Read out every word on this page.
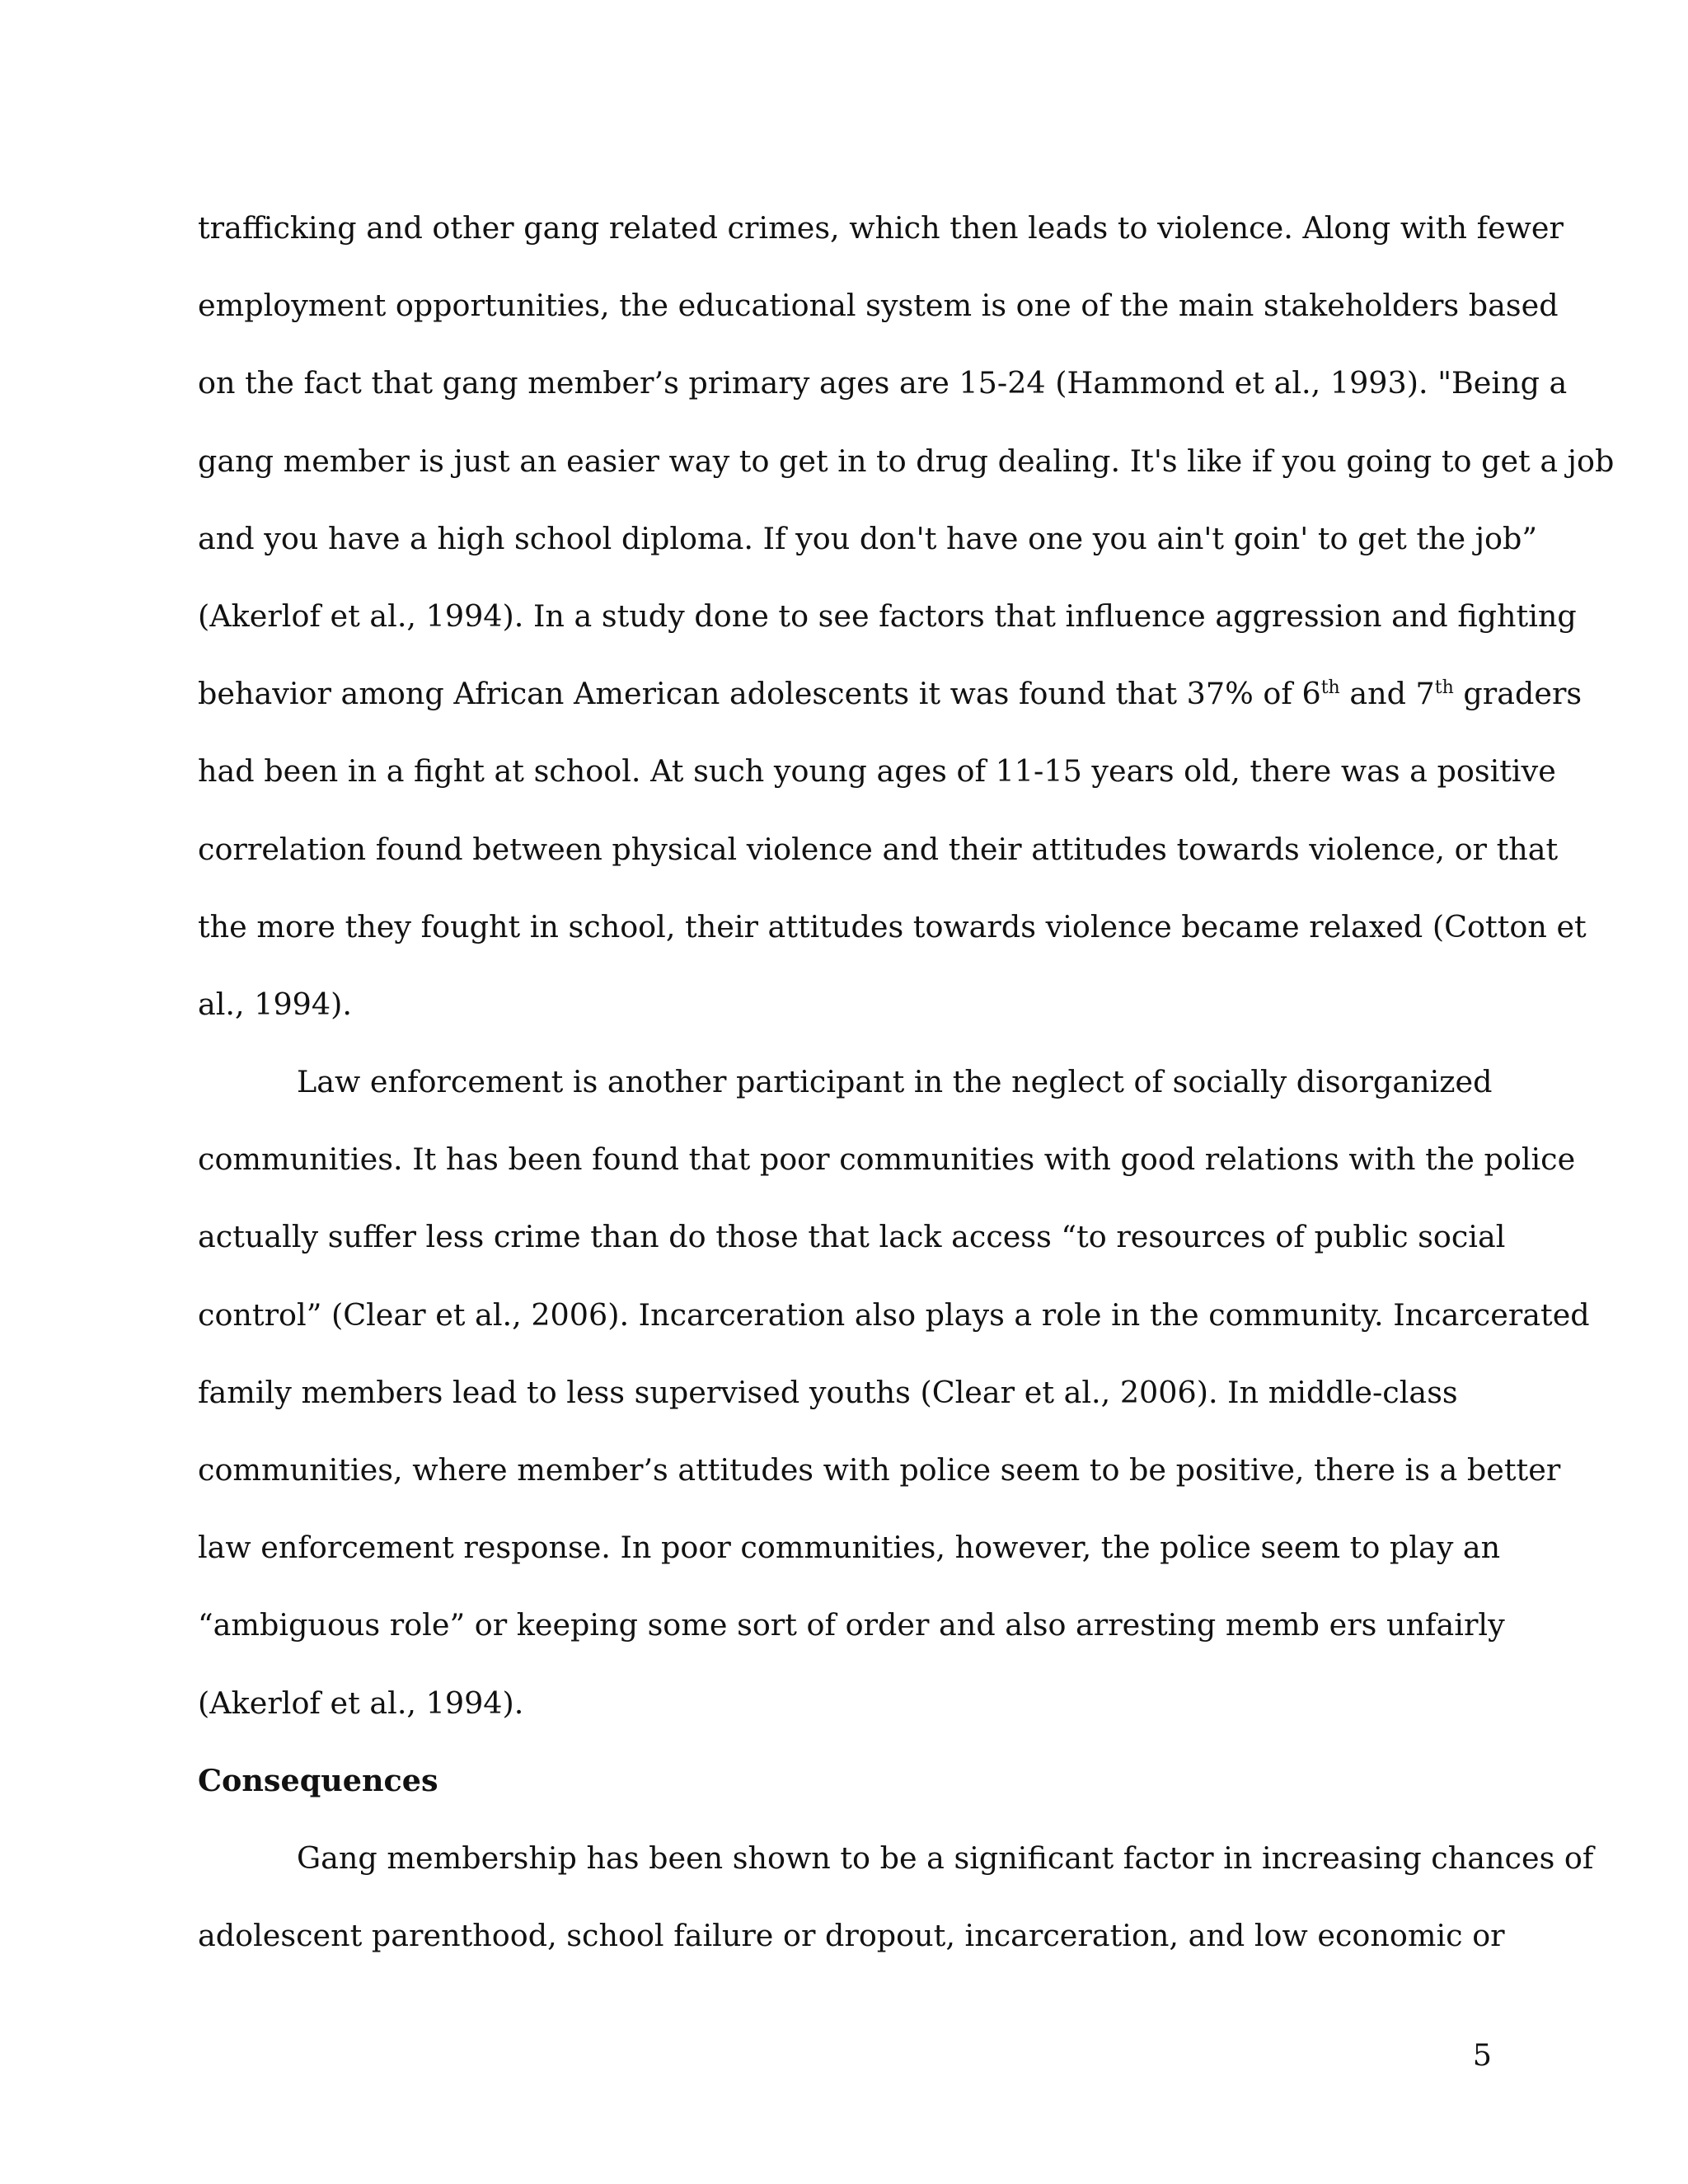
trafficking and other gang related crimes, which then leads to violence. Along with fewer
employment opportunities, the educational system is one of the main stakeholders based
on the fact that gang member’s primary ages are 15-24 (Hammond et al., 1993). "Being a
gang member is just an easier way to get in to drug dealing. It's like if you going to get a job
and you have a high school diploma. If you don't have one you ain't goin' to get the job”
(Akerlof et al., 1994). In a study done to see factors that influence aggression and fighting
behavior among African American adolescents it was found that 37% of 6th and 7th graders
had been in a fight at school. At such young ages of 11-15 years old, there was a positive
correlation found between physical violence and their attitudes towards violence, or that
the more they fought in school, their attitudes towards violence became relaxed (Cotton et
al., 1994).
Law enforcement is another participant in the neglect of socially disorganized
communities. It has been found that poor communities with good relations with the police
actually suffer less crime than do those that lack access “to resources of public social
control” (Clear et al., 2006). Incarceration also plays a role in the community. Incarcerated
family members lead to less supervised youths (Clear et al., 2006). In middle-class
communities, where member’s attitudes with police seem to be positive, there is a better
law enforcement response. In poor communities, however, the police seem to play an
“ambiguous role” or keeping some sort of order and also arresting memb ers unfairly
(Akerlof et al., 1994).
Consequences
Gang membership has been shown to be a significant factor in increasing chances of
adolescent parenthood, school failure or dropout, incarceration, and low economic or
5
